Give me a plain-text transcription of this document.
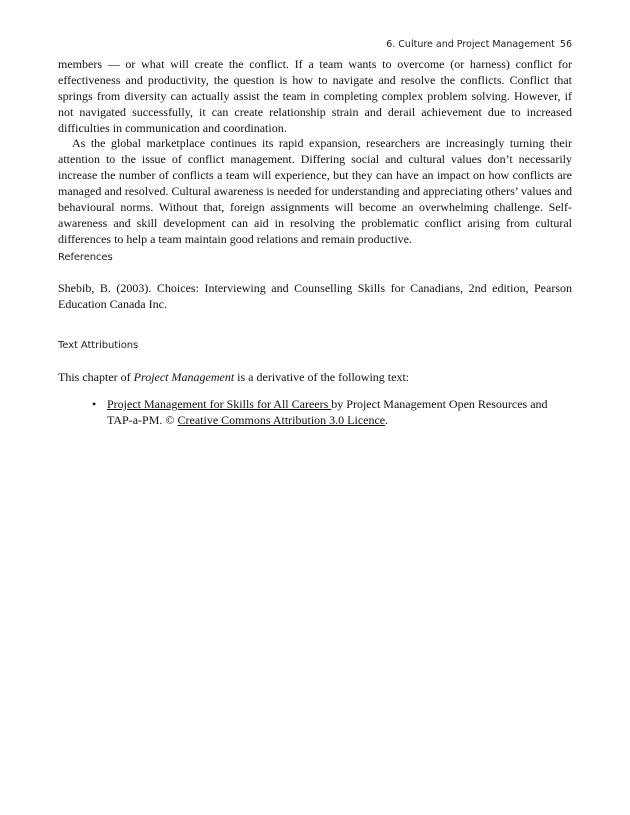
6. Culture and Project Management 56

members — or what will create the conflict. If a team wants to overcome (or harness) conflict for effectiveness and productivity, the question is how to navigate and resolve the conflicts. Conflict that springs from diversity can actually assist the team in completing complex problem solving. However, if not navigated successfully, it can create relationship strain and derail achievement due to increased difficulties in communication and coordination.

As the global marketplace continues its rapid expansion, researchers are increasingly turning their attention to the issue of conflict management. Differing social and cultural values don’t necessarily increase the number of conflicts a team will experience, but they can have an impact on how conflicts are managed and resolved. Cultural awareness is needed for understanding and appreciating others’ values and behavioural norms. Without that, foreign assignments will become an overwhelming challenge. Self-awareness and skill development can aid in resolving the problematic conflict arising from cultural differences to help a team maintain good relations and remain productive.

References

Shebib, B. (2003). Choices: Interviewing and Counselling Skills for Canadians, 2nd edition, Pearson Education Canada Inc.

Text Attributions

This chapter of Project Management is a derivative of the following text:

• Project Management for Skills for All Careers by Project Management Open Resources and TAP-a-PM. © Creative Commons Attribution 3.0 Licence.
